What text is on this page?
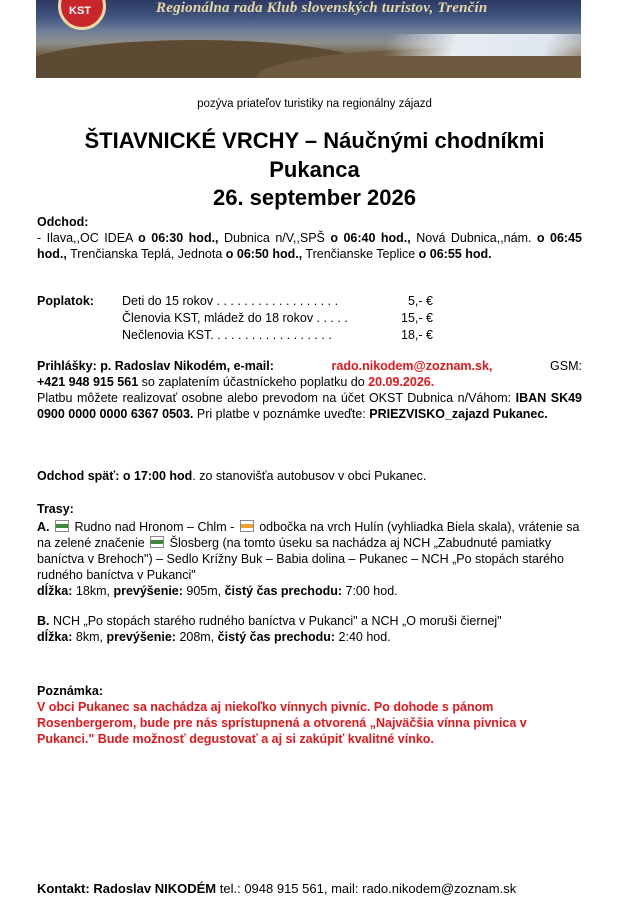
KST
Regionálna rada Klub slovenských turistov, Trenčín
pozýva priateľov turistiky na regionálny zájazd
ŠTIAVNICKÉ VRCHY – Náučnými chodníkmi
Pukanca
26. september 2026
Odchod:
- Ilava,,OC IDEA o 06:30 hod., Dubnica n/V,,SPŠ o 06:40 hod., Nová Dubnica,,nám. o 06:45 hod., Trenčianska Teplá, Jednota o 06:50 hod., Trenčianske Teplice o 06:55 hod.
Poplatok: Deti do 15 rokov . . . . . . . . . . . . . . . . . .	5,- €
Členovia KST, mládež do 18 rokov . . . . .	15,- €
Nečlenovia KST. . . . . . . . . . . . . . . . . .	18,- €
Prihlášky: p. Radoslav Nikodém, e-mail:	rado.nikodem@zoznam.sk,	GSM:
+421 948 915 561 so zaplatením účastníckeho poplatku do 20.09.2026.
Platbu môžete realizovať osobne alebo prevodom na účet OKST Dubnica n/Váhom: IBAN SK49 0900 0000 0000 6367 0503. Pri platbe v poznámke uveďte: PRIEZVISKO_zajazd Pukanec.
Odchod späť: o 17:00 hod. zo stanovišťa autobusov v obci Pukanec.
Trasy:
A.  Rudno nad Hronom – Chlm -  odbočka na vrch Hulín (vyhliadka Biela skala), vrátenie sa na zelené značenie  Šlosberg (na tomto úseku sa nachádza aj NCH „Zabudnuté pamiatky baníctva v Brehoch") – Sedlo Krížny Buk – Babia dolina – Pukanec – NCH „Po stopách starého rudného baníctva v Pukanci"
dĺžka: 18km, prevýšenie: 905m, čistý čas prechodu: 7:00 hod.
B. NCH „Po stopách starého rudného baníctva v Pukanci" a NCH „O moruši čiernej"
dĺžka: 8km, prevýšenie: 208m, čistý čas prechodu: 2:40 hod.
Poznámka:
V obci Pukanec sa nachádza aj niekoľko vínnych pivníc. Po dohode s pánom Rosenbergerom, bude pre nás sprístupnená a otvorená „Najväčšia vínna pivnica v Pukanci." Bude možnosť degustovať a aj si zakúpiť kvalitné vínko.
Kontakt: Radoslav NIKODÉM tel.: 0948 915 561, mail: rado.nikodem@zoznam.sk
